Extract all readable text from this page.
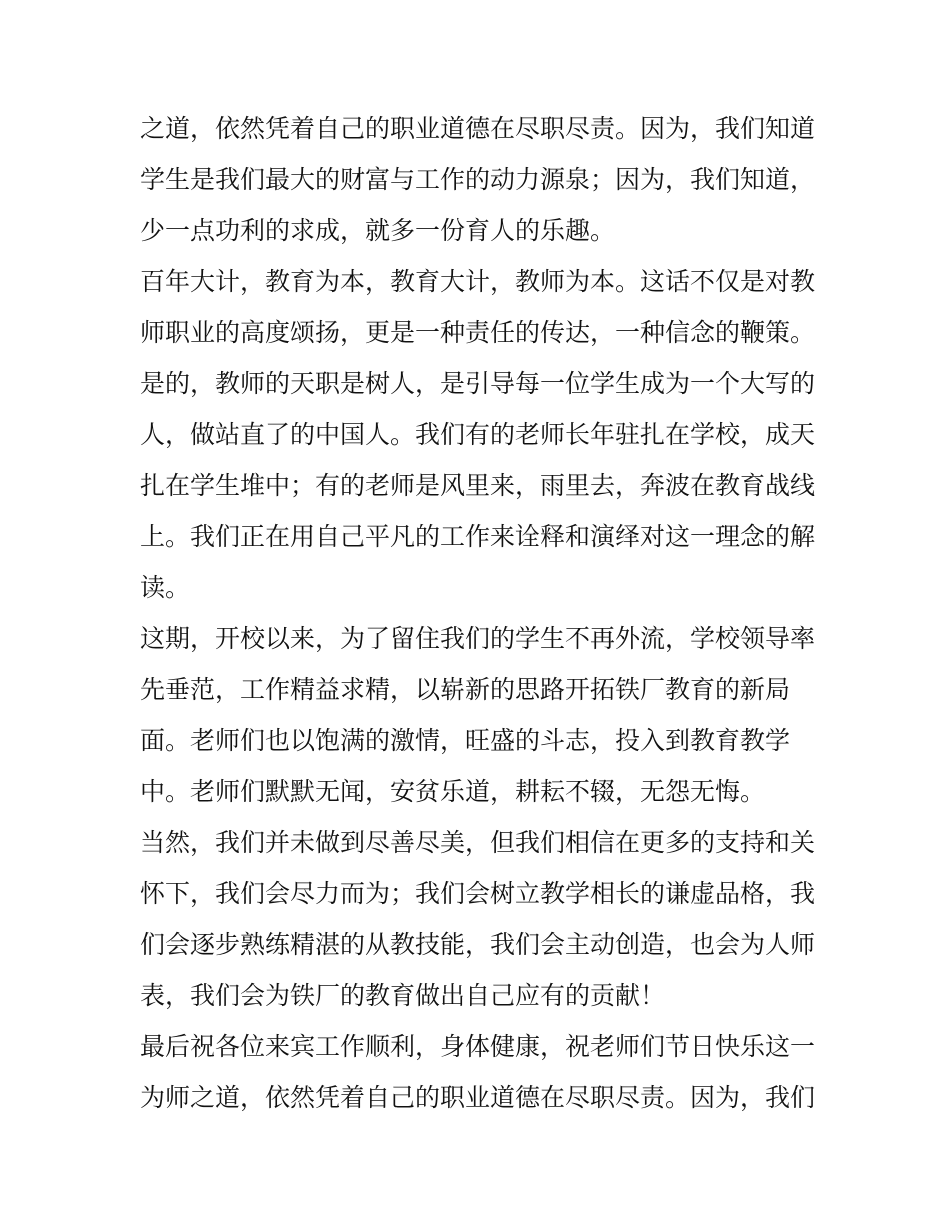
之道，依然凭着自己的职业道德在尽职尽责。因为，我们知道
学生是我们最大的财富与工作的动力源泉；因为，我们知道，
少一点功利的求成，就多一份育人的乐趣。
百年大计，教育为本，教育大计，教师为本。这话不仅是对教
师职业的高度颂扬，更是一种责任的传达，一种信念的鞭策。
是的，教师的天职是树人，是引导每一位学生成为一个大写的
人，做站直了的中国人。我们有的老师长年驻扎在学校，成天
扎在学生堆中；有的老师是风里来，雨里去，奔波在教育战线
上。我们正在用自己平凡的工作来诠释和演绎对这一理念的解
读。
这期，开校以来，为了留住我们的学生不再外流，学校领导率
先垂范，工作精益求精，以崭新的思路开拓铁厂教育的新局
面。老师们也以饱满的激情，旺盛的斗志，投入到教育教学
中。老师们默默无闻，安贫乐道，耕耘不辍，无怨无悔。
当然，我们并未做到尽善尽美，但我们相信在更多的支持和关
怀下，我们会尽力而为；我们会树立教学相长的谦虚品格，我
们会逐步熟练精湛的从教技能，我们会主动创造，也会为人师
表，我们会为铁厂的教育做出自己应有的贡献！
最后祝各位来宾工作顺利，身体健康，祝老师们节日快乐这一
为师之道，依然凭着自己的职业道德在尽职尽责。因为，我们
